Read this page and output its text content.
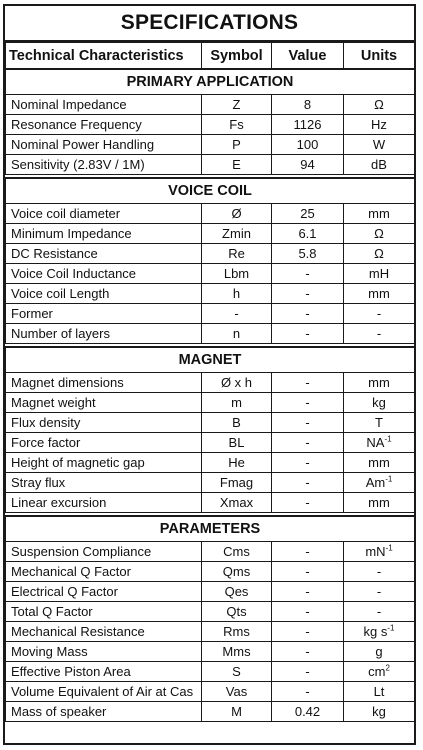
SPECIFICATIONS
Technical Characteristics	Symbol	Value	Units
PRIMARY APPLICATION			
Nominal Impedance	Z	8	Ω
Resonance Frequency	Fs	1126	Hz
Nominal Power Handling	P	100	W
Sensitivity (2.83V / 1M)	E	94	dB

VOICE COIL			
Voice coil diameter	Ø	25	mm
Minimum Impedance	Zmin	6.1	Ω
DC Resistance	Re	5.8	Ω
Voice Coil Inductance	Lbm	-	mH
Voice coil Length	h	-	mm
Former	-	-	-
Number of layers	n	-	-

MAGNET			
Magnet dimensions	Ø x h	-	mm
Magnet weight	m	-	kg
Flux density	B	-	T
Force factor	BL	-	$NA^{-1}$
Height of magnetic gap	He	-	mm
Stray flux	Fmag	-	$Am^{-1}$
Linear excursion	Xmax	-	mm

PARAMETERS			
Suspension Compliance	Cms	-	$mN^{-1}$
Mechanical Q Factor	Qms	-	-
Electrical Q Factor	Qes	-	-
Total Q Factor	Qts	-	-
Mechanical Resistance	Rms	-	kg $s^{-1}$
Moving Mass	Mms	-	g
Effective Piston Area	S	-	$cm^2$
Volume Equivalent of Air at Cas	Vas	-	Lt
Mass of speaker	M	0.42	kg
